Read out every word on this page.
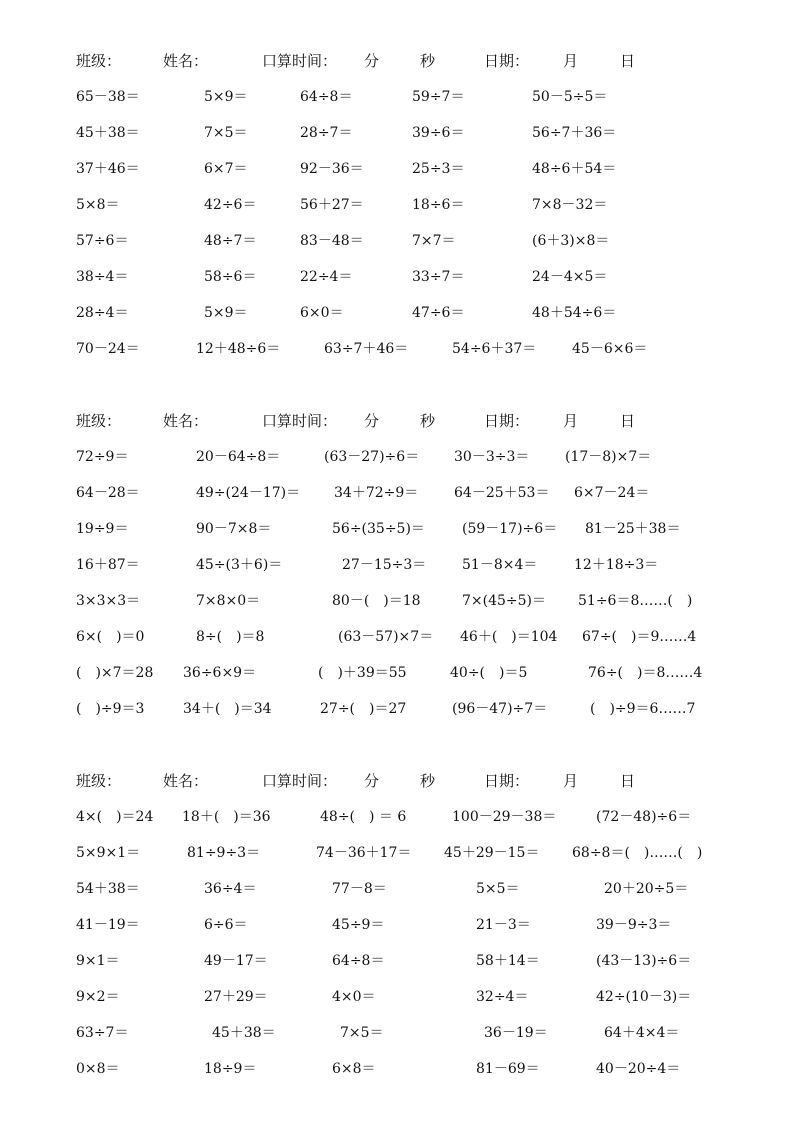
班级：	姓名：	口算时间： 分	秒	日期： 月	日
65－38＝	5×9＝	64÷8＝	59÷7＝	50－5÷5＝
45＋38＝	7×5＝	28÷7＝	39÷6＝	56÷7＋36＝
37＋46＝	6×7＝	92－36＝	25÷3＝	48÷6＋54＝
5×8＝	42÷6＝	56＋27＝	18÷6＝	7×8－32＝
57÷6＝	48÷7＝	83－48＝	7×7＝	(6＋3)×8＝
38÷4＝	58÷6＝	22÷4＝	33÷7＝	24－4×5＝
28÷4＝	5×9＝	6×0＝	47÷6＝	48＋54÷6＝
70－24＝	12＋48÷6＝	63÷7＋46＝	54÷6＋37＝	45－6×6＝
班级：	姓名：	口算时间： 分	秒	日期： 月	日
72÷9＝	20－64÷8＝	(63－27)÷6＝ 30－3÷3＝	(17－8)×7＝
64－28＝	49÷(24－17)＝ 34＋72÷9＝	64－25＋53＝ 6×7－24＝
19÷9＝	90－7×8＝	56÷(35÷5)＝	(59－17)÷6＝ 81－25＋38＝
16＋87＝	45÷(3＋6)＝	27－15÷3＝	51－8×4＝	12＋18÷3＝
3×3×3＝	7×8×0＝	80－(　)＝18	7×(45÷5)＝ 51÷6＝8……(　)
6×(　)＝0	8÷(　)＝8	(63－57)×7＝ 46＋(　)＝104 67÷(　)＝9……4
(　)×7＝28 36÷6×9＝	(　)＋39＝55	40÷(　)＝5	76÷(　)＝8……4
(　)÷9＝3	34＋(　)＝34	27÷(　)＝27	(96－47)÷7＝	(　)÷9＝6……7
班级：	姓名：	口算时间： 分	秒	日期： 月	日
4×(　)＝24 18＋(　)＝36	48÷(　) ＝ 6	100－29－38＝	(72－48)÷6＝
5×9×1＝	81÷9÷3＝	74－36＋17＝ 45＋29－15＝ 68÷8＝(　)……(　)
54＋38＝	36÷4＝	77－8＝	5×5＝	20＋20÷5＝
41－19＝	6÷6＝	45÷9＝	21－3＝	39－9÷3＝
9×1＝	49－17＝	64÷8＝	58＋14＝	(43－13)÷6＝
9×2＝	27＋29＝	4×0＝	32÷4＝	42÷(10－3)＝
63÷7＝	45＋38＝	7×5＝	36－19＝	64＋4×4＝
0×8＝	18÷9＝	6×8＝	81－69＝	40－20÷4＝
